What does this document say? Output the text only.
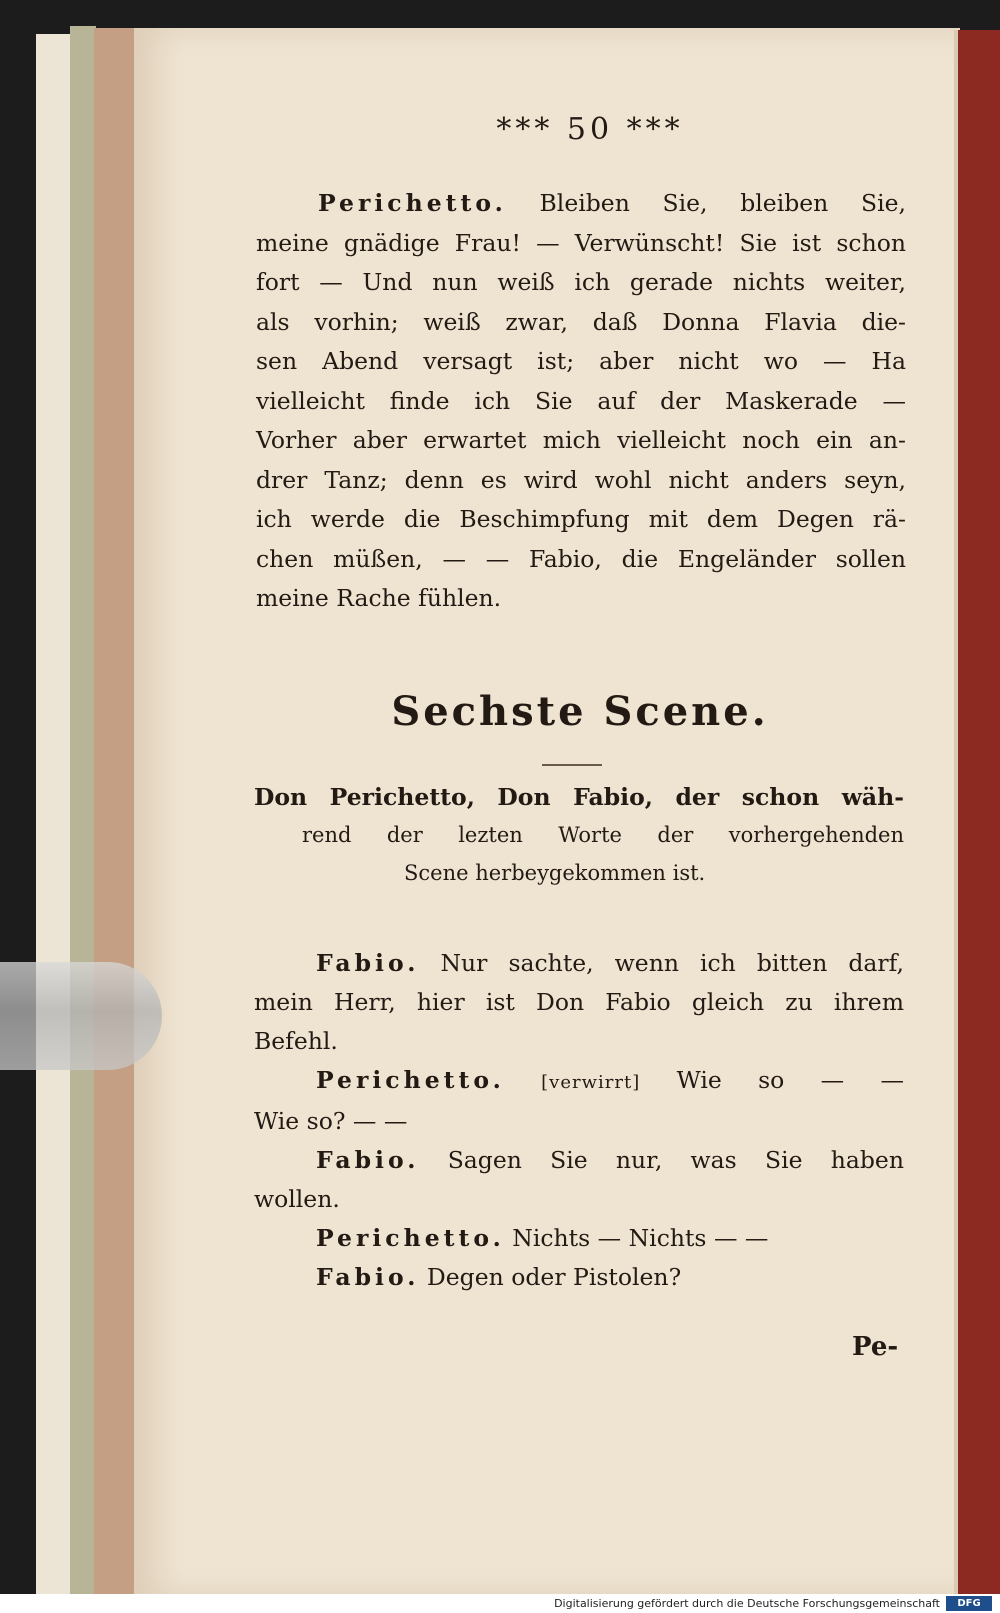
*** 50 ***
Perichetto. Bleiben Sie, bleiben Sie,
meine gnädige Frau! — Verwünscht! Sie ist schon
fort — Und nun weiß ich gerade nichts weiter,
als vorhin; weiß zwar, daß Donna Flavia die-
sen Abend versagt ist; aber nicht wo — Ha
vielleicht finde ich Sie auf der Maskerade —
Vorher aber erwartet mich vielleicht noch ein an-
drer Tanz; denn es wird wohl nicht anders seyn,
ich werde die Beschimpfung mit dem Degen rä-
chen müßen, — — Fabio, die Engeländer sollen
meine Rache fühlen.
Sechste Scene.
Don Perichetto, Don Fabio, der schon wäh-
rend der lezten Worte der vorhergehenden
Scene herbeygekommen ist.
Fabio. Nur sachte, wenn ich bitten darf,
mein Herr, hier ist Don Fabio gleich zu ihrem
Befehl.
Perichetto. [verwirrt] Wie so — —
Wie so? — —
Fabio. Sagen Sie nur, was Sie haben
wollen.
Perichetto. Nichts — Nichts — —
Fabio. Degen oder Pistolen?
Pe-
Digitalisierung gefördert durch die Deutsche Forschungsgemeinschaft	DFG
